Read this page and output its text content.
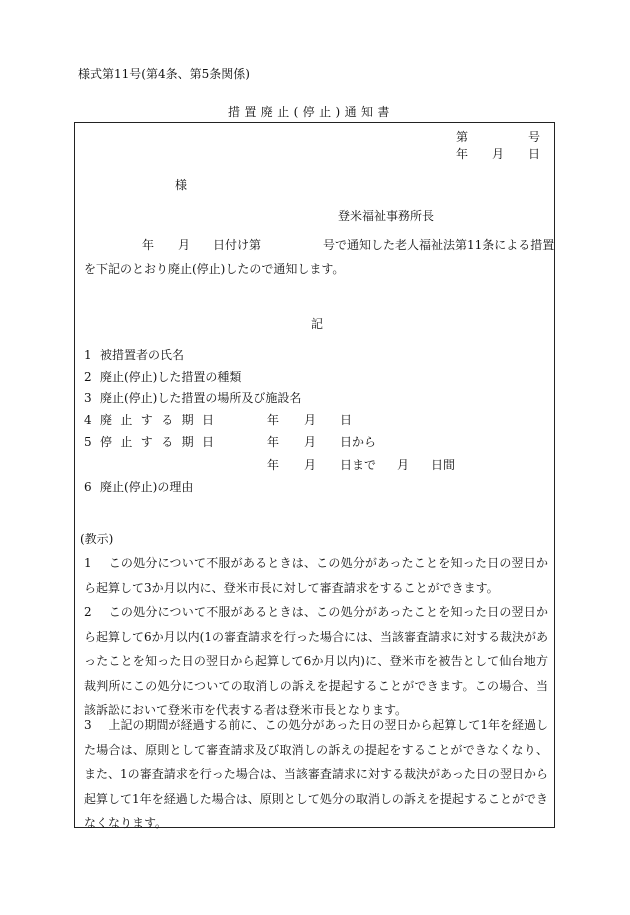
様式第11号(第4条、第5条関係)
措置廃止(停止)通知書
第	号
年 月 日
様
登米福祉事務所長
年 月 日付け第	号で通知した老人福祉法第11条による措置
を下記のとおり廃止(停止)したので通知します。
記
1 被措置者の氏名
2 廃止(停止)した措置の種類
3 廃止(停止)した措置の場所及び施設名
4 廃止する期日	年 月 日
5 停止する期日	年 月 日から
年 月 日まで 月 日間
6 廃止(停止)の理由
(教示)
1 この処分について不服があるときは、この処分があったことを知った日の翌日から起算して3か月以内に、登米市長に対して審査請求をすることができます。
2 この処分について不服があるときは、この処分があったことを知った日の翌日から起算して6か月以内(1の審査請求を行った場合には、当該審査請求に対する裁決があったことを知った日の翌日から起算して6か月以内)に、登米市を被告として仙台地方裁判所にこの処分についての取消しの訴えを提起することができます。この場合、当該訴訟において登米市を代表する者は登米市長となります。
3 上記の期間が経過する前に、この処分があった日の翌日から起算して1年を経過した場合は、原則として審査請求及び取消しの訴えの提起をすることができなくなり、また、1の審査請求を行った場合は、当該審査請求に対する裁決があった日の翌日から起算して1年を経過した場合は、原則として処分の取消しの訴えを提起することができなくなります。
